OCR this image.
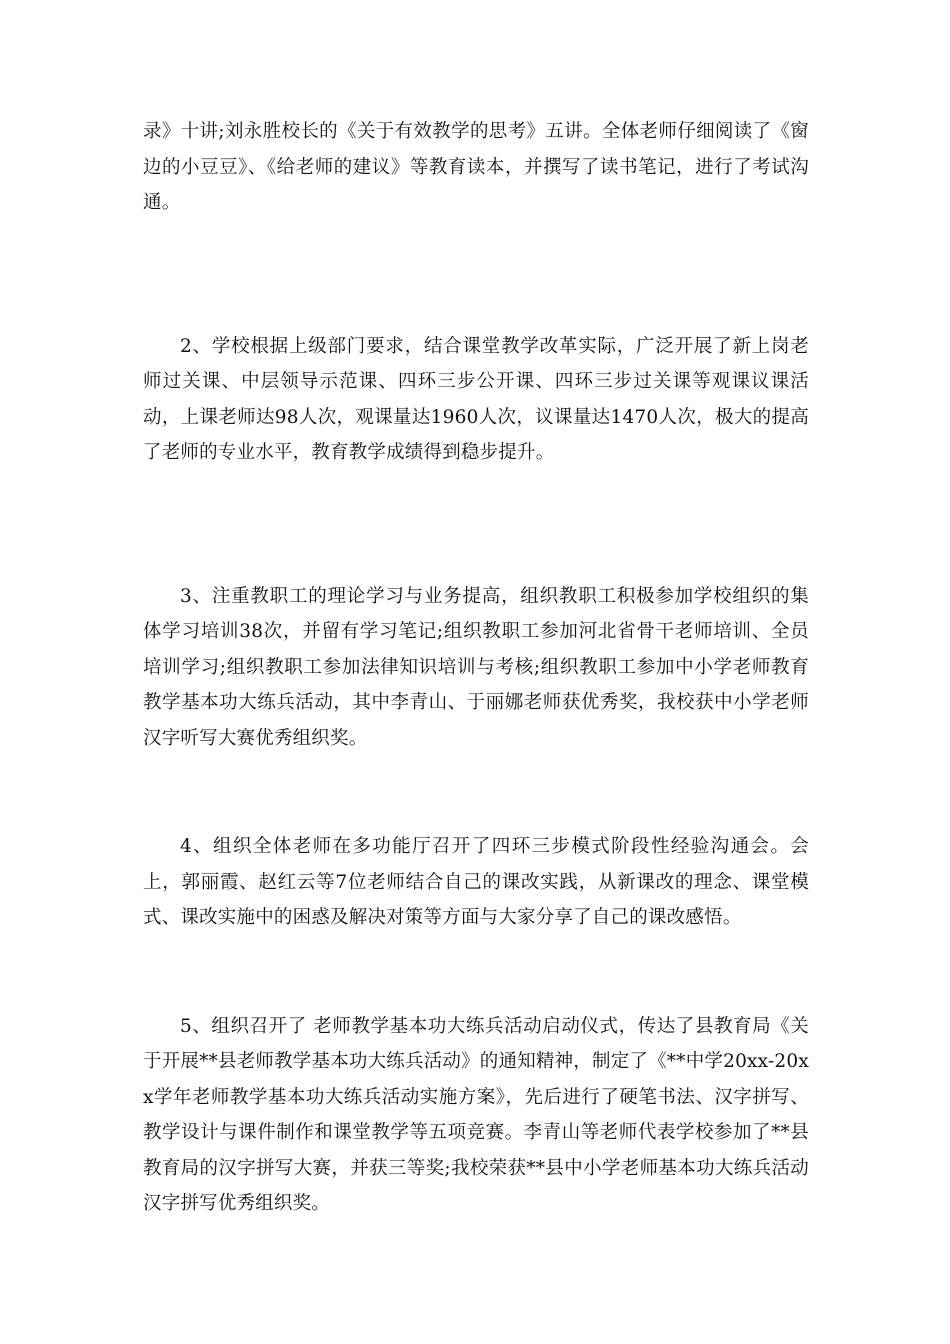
录》十讲;刘永胜校长的《关于有效教学的思考》五讲。全体老师仔细阅读了《窗边的小豆豆》、《给老师的建议》等教育读本，并撰写了读书笔记，进行了考试沟通。

2、学校根据上级部门要求，结合课堂教学改革实际，广泛开展了新上岗老师过关课、中层领导示范课、四环三步公开课、四环三步过关课等观课议课活动，上课老师达98人次，观课量达1960人次，议课量达1470人次，极大的提高了老师的专业水平，教育教学成绩得到稳步提升。

3、注重教职工的理论学习与业务提高，组织教职工积极参加学校组织的集体学习培训38次，并留有学习笔记;组织教职工参加河北省骨干老师培训、全员培训学习;组织教职工参加法律知识培训与考核;组织教职工参加中小学老师教育教学基本功大练兵活动，其中李青山、于丽娜老师获优秀奖，我校获中小学老师汉字听写大赛优秀组织奖。

4、组织全体老师在多功能厅召开了四环三步模式阶段性经验沟通会。会上，郭丽霞、赵红云等7位老师结合自己的课改实践，从新课改的理念、课堂模式、课改实施中的困惑及解决对策等方面与大家分享了自己的课改感悟。

5、组织召开了 老师教学基本功大练兵活动启动仪式，传达了县教育局《关于开展**县老师教学基本功大练兵活动》的通知精神，制定了《**中学20xx-20xx学年老师教学基本功大练兵活动实施方案》，先后进行了硬笔书法、汉字拼写、教学设计与课件制作和课堂教学等五项竞赛。李青山等老师代表学校参加了**县教育局的汉字拼写大赛，并获三等奖;我校荣获**县中小学老师基本功大练兵活动汉字拼写优秀组织奖。
